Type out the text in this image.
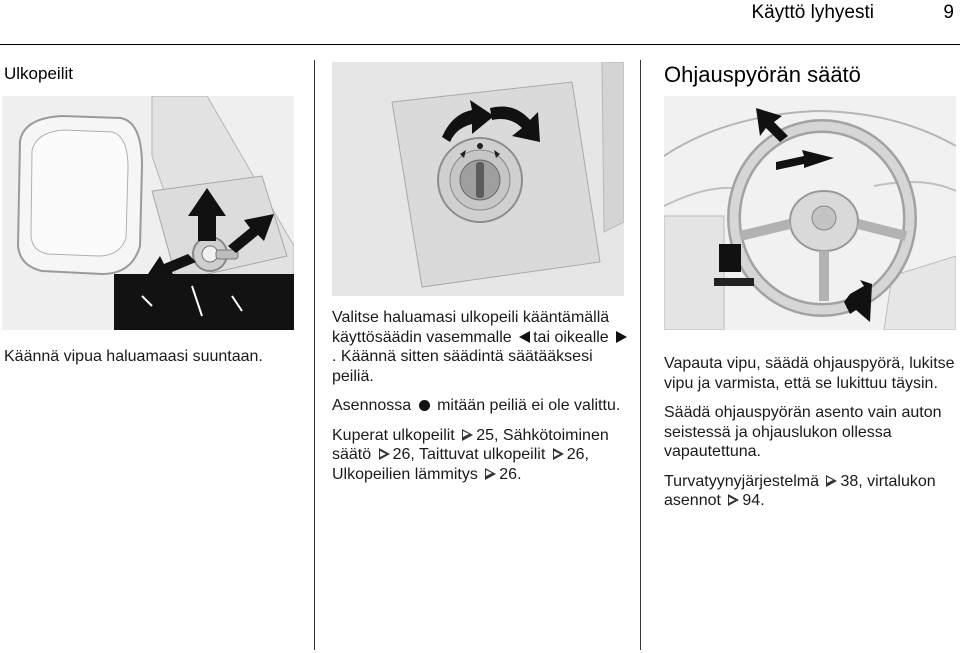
Käyttö lyhyesti	9
Ulkopeilit
Käännä vipua haluamaasi suuntaan.

Valitse haluamasi ulkopeili kääntämällä käyttösäädin vasemmalle tai oikealle . Käännä sitten säädintä säätääksesi peiliä.

Asennossa mitään peiliä ei ole valittu.

Kuperat ulkopeilit 25, Sähkötoiminen säätö 26, Taittuvat ulkopeilit 26, Ulkopeilien lämmitys 26.

Ohjauspyörän säätö

Vapauta vipu, säädä ohjauspyörä, lukitse vipu ja varmista, että se lukittuu täysin.

Säädä ohjauspyörän asento vain auton seistessä ja ohjauslukon ollessa vapautettuna.

Turvatyynyjärjestelmä 38, virtalukon asennot 94.
